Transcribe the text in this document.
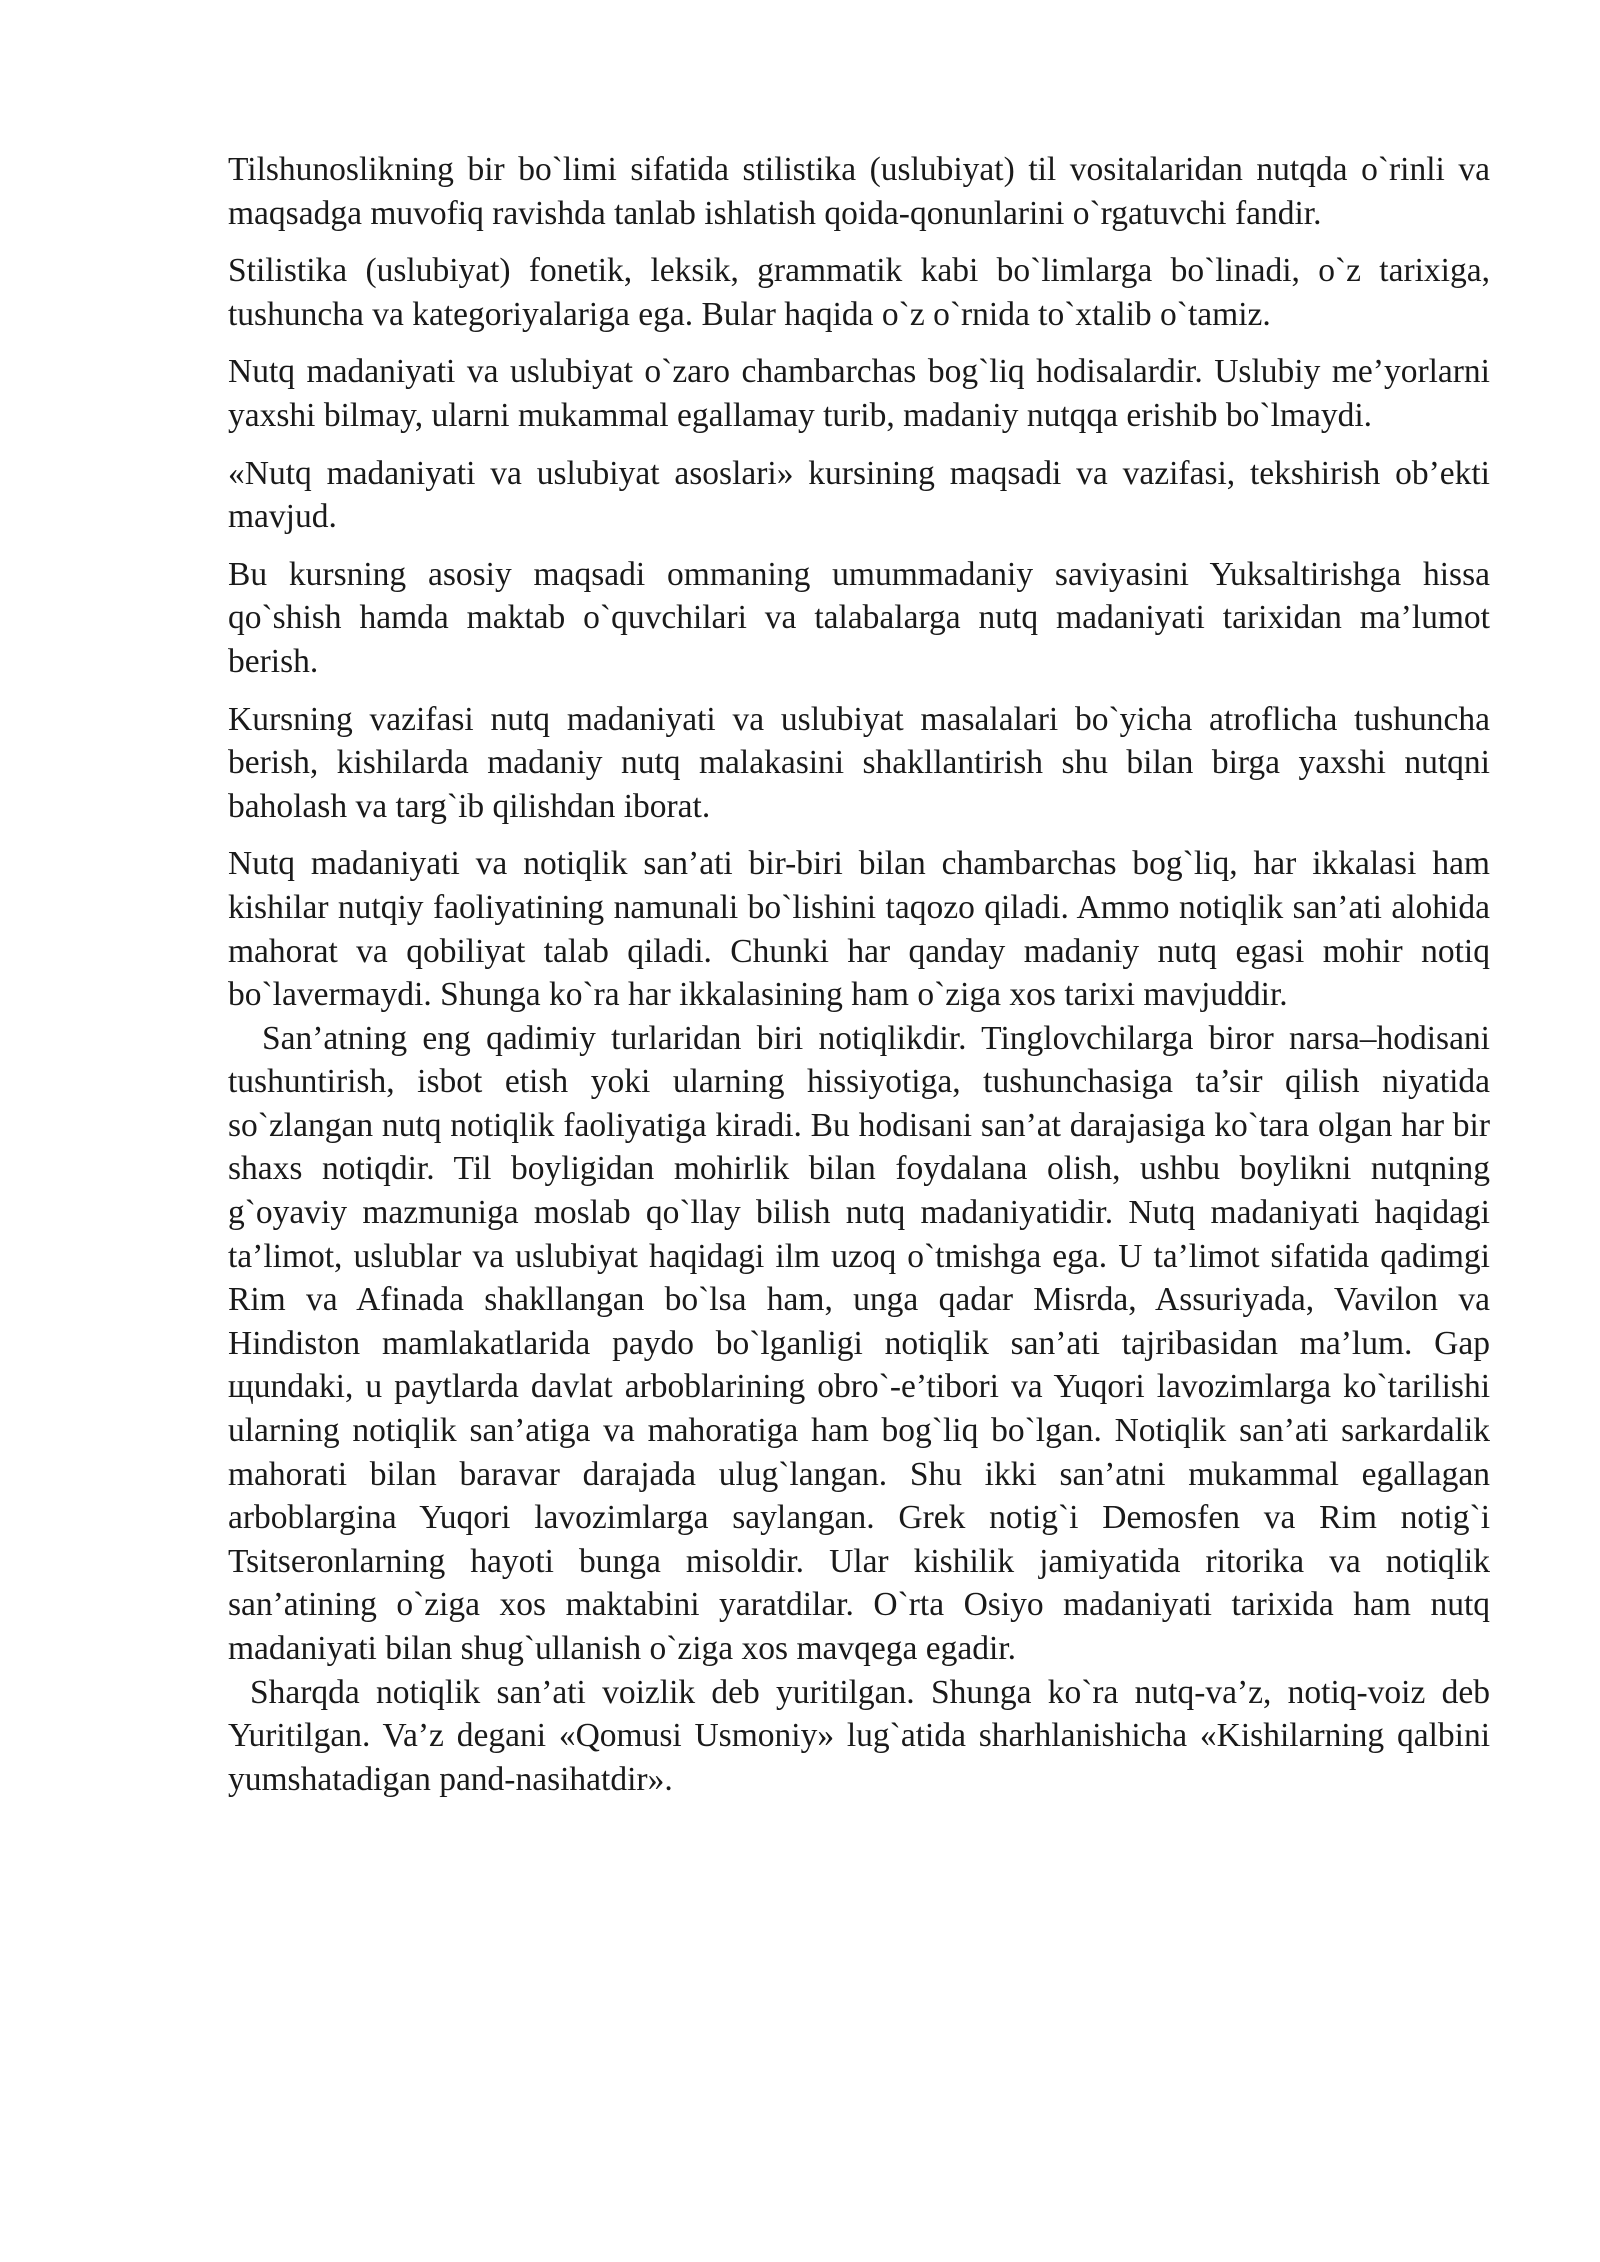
Tilshunoslikning bir bo`limi sifatida stilistika (uslubiyat) til vositalaridan nutqda o`rinli va maqsadga muvofiq ravishda tanlab ishlatish qoida-qonunlarini o`rgatuvchi fandir.

Stilistika (uslubiyat) fonetik, leksik, grammatik kabi bo`limlarga bo`linadi, o`z tarixiga, tushuncha va kategoriyalariga ega. Bular haqida o`z o`rnida to`xtalib o`tamiz.

Nutq madaniyati va uslubiyat o`zaro chambarchas bog`liq hodisalardir. Uslubiy me’yorlarni yaxshi bilmay, ularni mukammal egallamay turib, madaniy nutqqa erishib bo`lmaydi.

«Nutq madaniyati va uslubiyat asoslari» kursining maqsadi va vazifasi, tekshirish ob’ekti mavjud.

Bu kursning asosiy maqsadi ommaning umummadaniy saviyasini Yuksaltirishga hissa qo`shish hamda maktab o`quvchilari va talabalarga nutq madaniyati tarixidan ma’lumot berish.

Kursning vazifasi nutq madaniyati va uslubiyat masalalari bo`yicha atroflicha tushuncha berish, kishilarda madaniy nutq malakasini shakllantirish shu bilan birga yaxshi nutqni baholash va targ`ib qilishdan iborat.

Nutq madaniyati va notiqlik san’ati bir-biri bilan chambarchas bog`liq, har ikkalasi ham kishilar nutqiy faoliyatining namunali bo`lishini taqozo qiladi. Ammo notiqlik san’ati alohida mahorat va qobiliyat talab qiladi. Chunki har qanday madaniy nutq egasi mohir notiq bo`lavermaydi. Shunga ko`ra har ikkalasining ham o`ziga xos tarixi mavjuddir.

San’atning eng qadimiy turlaridan biri notiqlikdir. Tinglovchilarga biror narsa–hodisani tushuntirish, isbot etish yoki ularning hissiyotiga, tushunchasiga ta’sir qilish niyatida so`zlangan nutq notiqlik faoliyatiga kiradi. Bu hodisani san’at darajasiga ko`tara olgan har bir shaxs notiqdir. Til boyligidan mohirlik bilan foydalana olish, ushbu boylikni nutqning g`oyaviy mazmuniga moslab qo`llay bilish nutq madaniyatidir. Nutq madaniyati haqidagi ta’limot, uslublar va uslubiyat haqidagi ilm uzoq o`tmishga ega. U ta’limot sifatida qadimgi Rim va Afinada shakllangan bo`lsa ham, unga qadar Misrda, Assuriyada, Vavilon va Hindiston mamlakatlarida paydo bo`lganligi notiqlik san’ati tajribasidan ma’lum. Gap щundaki, u paytlarda davlat arboblarining obro`-e’tibori va Yuqori lavozimlarga ko`tarilishi ularning notiqlik san’atiga va mahoratiga ham bog`liq bo`lgan. Notiqlik san’ati sarkardalik mahorati bilan baravar darajada ulug`langan. Shu ikki san’atni mukammal egallagan arboblargina Yuqori lavozimlarga saylangan. Grek notig`i Demosfen va Rim notig`i Tsitseronlarning hayoti bunga misoldir. Ular kishilik jamiyatida ritorika va notiqlik san’atining o`ziga xos maktabini yaratdilar. O`rta Osiyo madaniyati tarixida ham nutq madaniyati bilan shug`ullanish o`ziga xos mavqega egadir.

Sharqda notiqlik san’ati voizlik deb yuritilgan. Shunga ko`ra nutq-va’z, notiq-voiz deb Yuritilgan. Va’z degani «Qomusi Usmoniy» lug`atida sharhlanishicha «Kishilarning qalbini yumshatadigan pand-nasihatdir».
